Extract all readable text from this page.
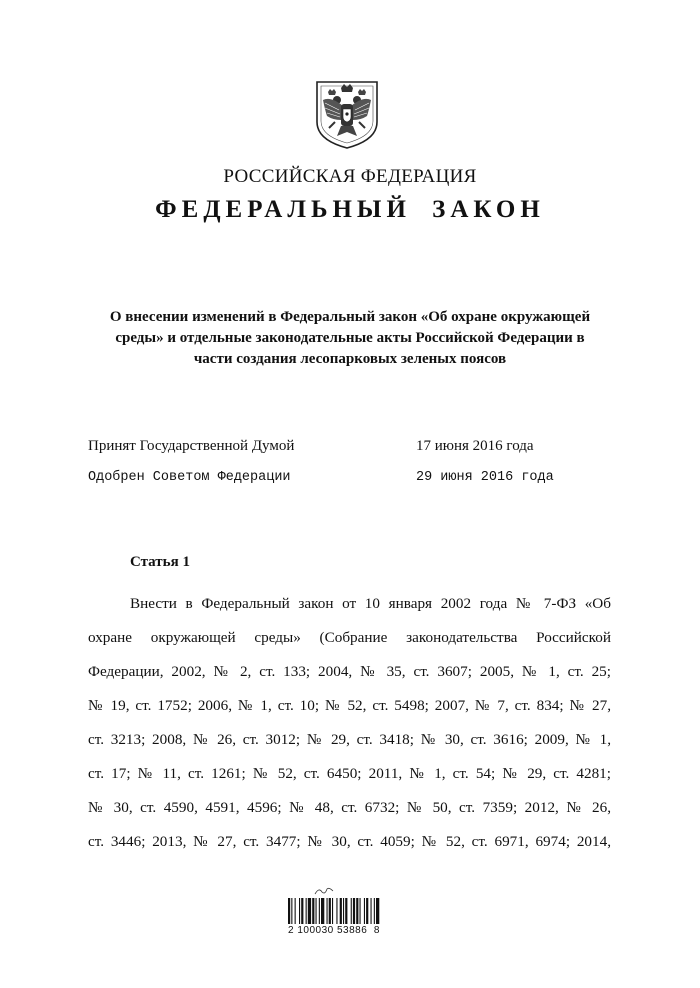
РОССИЙСКАЯ ФЕДЕРАЦИЯ
ФЕДЕРАЛЬНЫЙ ЗАКОН
О внесении изменений в Федеральный закон «Об охране окружающей
среды» и отдельные законодательные акты Российской Федерации в
части создания лесопарковых зеленых поясов
Принят Государственной Думой	17 июня 2016 года
Одобрен Советом Федерации	29 июня 2016 года
Статья 1
Внести в Федеральный закон от 10 января 2002 года № 7-ФЗ «Об
охране окружающей среды» (Собрание законодательства Российской
Федерации, 2002, № 2, ст. 133; 2004, № 35, ст. 3607; 2005, № 1, ст. 25;
№ 19, ст. 1752; 2006, № 1, ст. 10; № 52, ст. 5498; 2007, № 7, ст. 834; № 27,
ст. 3213; 2008, № 26, ст. 3012; № 29, ст. 3418; № 30, ст. 3616; 2009, № 1,
ст. 17; № 11, ст. 1261; № 52, ст. 6450; 2011, № 1, ст. 54; № 29, ст. 4281;
№ 30, ст. 4590, 4591, 4596; № 48, ст. 6732; № 50, ст. 7359; 2012, № 26,
ст. 3446; 2013, № 27, ст. 3477; № 30, ст. 4059; № 52, ст. 6971, 6974; 2014,
2 100030 53886  8
